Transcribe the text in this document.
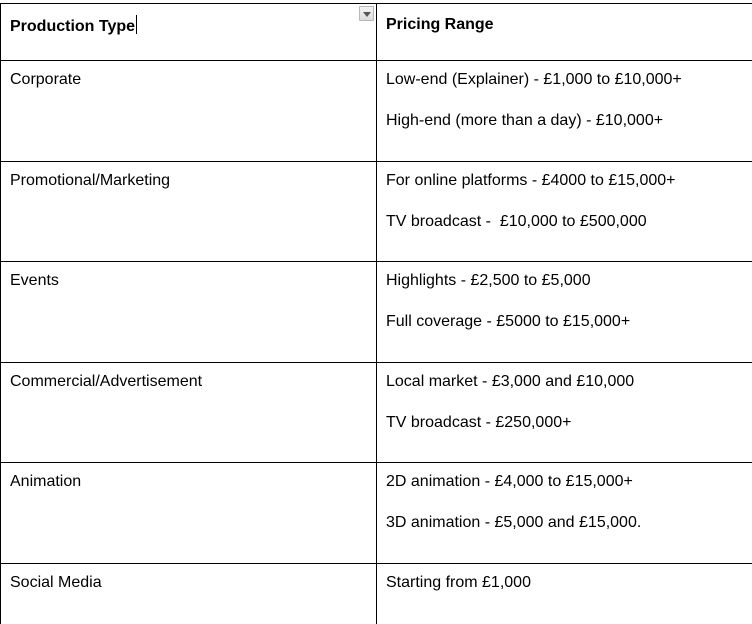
Production Type	Pricing Range
Corporate	Low-end (Explainer) - £1,000 to £10,000+
High-end (more than a day) - £10,000+
Promotional/Marketing	For online platforms - £4000 to £15,000+
TV broadcast -  £10,000 to £500,000
Events	Highlights - £2,500 to £5,000
Full coverage - £5000 to £15,000+
Commercial/Advertisement	Local market - £3,000 and £10,000
TV broadcast - £250,000+
Animation	2D animation - £4,000 to £15,000+
3D animation - £5,000 and £15,000.
Social Media	Starting from £1,000
